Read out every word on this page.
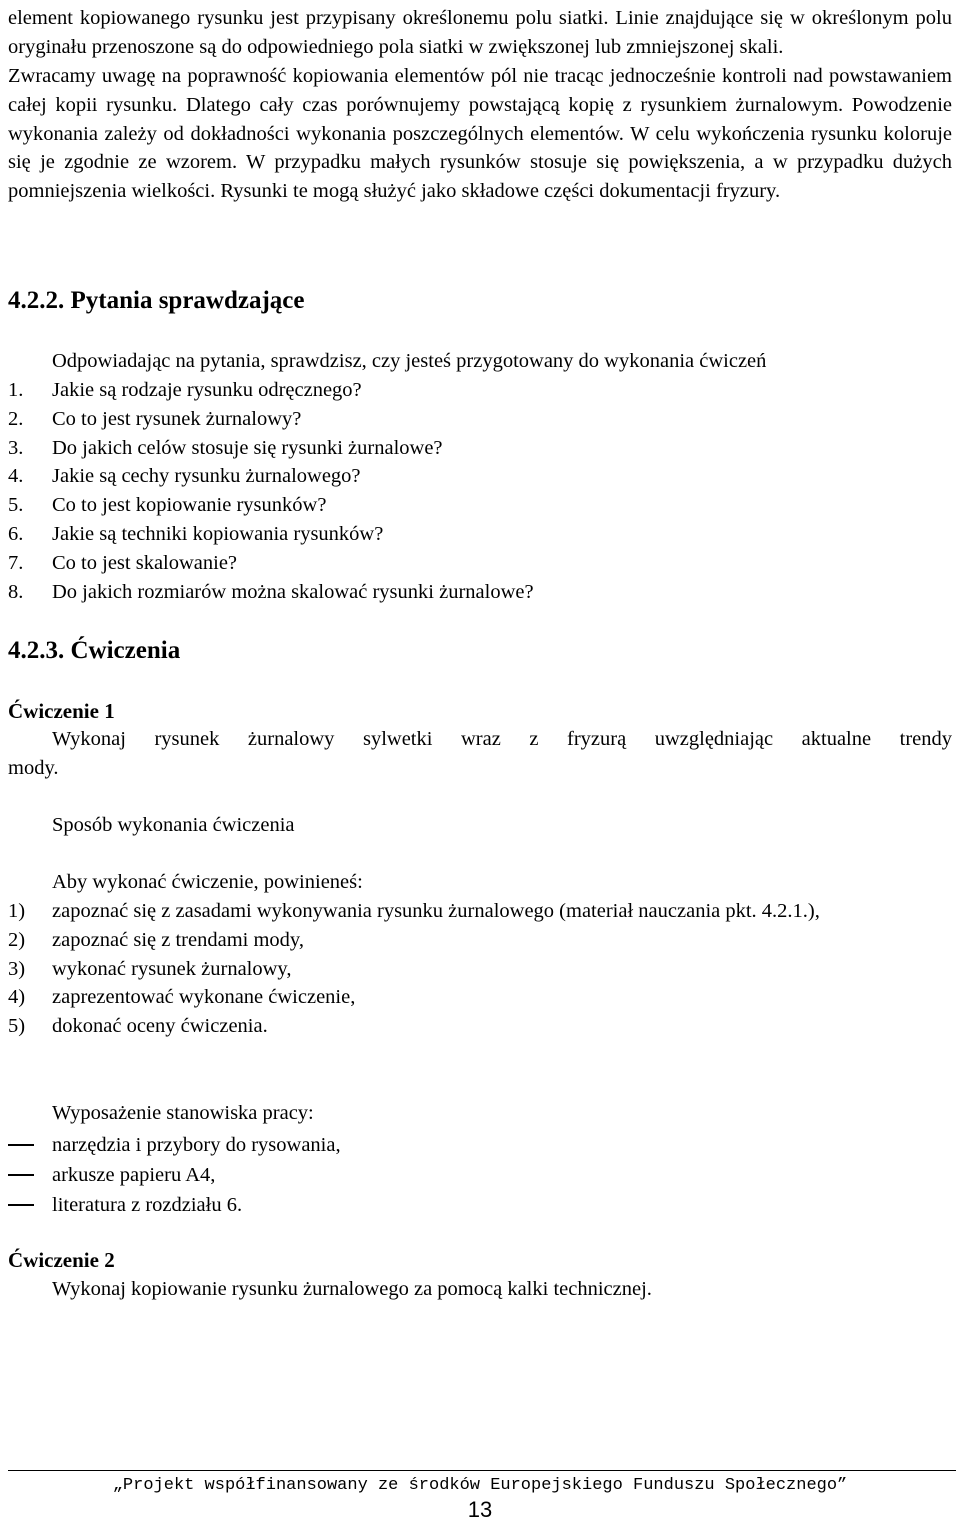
element kopiowanego rysunku jest przypisany określonemu polu siatki. Linie znajdujące się w określonym polu oryginału przenoszone są do odpowiedniego pola siatki w zwiększonej lub zmniejszonej skali.

Zwracamy uwagę na poprawność kopiowania elementów pól nie tracąc jednocześnie kontroli nad powstawaniem całej kopii rysunku. Dlatego cały czas porównujemy powstającą kopię z rysunkiem żurnalowym. Powodzenie wykonania zależy od dokładności wykonania poszczególnych elementów. W celu wykończenia rysunku koloruje się je zgodnie ze wzorem. W przypadku małych rysunków stosuje się powiększenia, a w przypadku dużych pomniejszenia wielkości. Rysunki te mogą służyć jako składowe części dokumentacji fryzury.

4.2.2. Pytania sprawdzające

Odpowiadając na pytania, sprawdzisz, czy jesteś przygotowany do wykonania ćwiczeń

1. Jakie są rodzaje rysunku odręcznego?
2. Co to jest rysunek żurnalowy?
3. Do jakich celów stosuje się rysunki żurnalowe?
4. Jakie są cechy rysunku żurnalowego?
5. Co to jest kopiowanie rysunków?
6. Jakie są techniki kopiowania rysunków?
7. Co to jest skalowanie?
8. Do jakich rozmiarów można skalować rysunki żurnalowe?
4.2.3. Ćwiczenia
Ćwiczenie 1

Wykonaj rysunek żurnalowy sylwetki wraz z fryzurą uwzględniając aktualne trendy

mody.

Sposób wykonania ćwiczenia

Aby wykonać ćwiczenie, powinieneś:

1) zapoznać się z zasadami wykonywania rysunku żurnalowego (materiał nauczania pkt. 4.2.1.),
2) zapoznać się z trendami mody,
3) wykonać rysunek żurnalowy,
4) zaprezentować wykonane ćwiczenie,
5) dokonać oceny ćwiczenia.

Wyposażenie stanowiska pracy:

narzędzia i przybory do rysowania,
arkusze papieru A4,
literatura z rozdziału 6.
Ćwiczenie 2

Wykonaj kopiowanie rysunku żurnalowego za pomocą kalki technicznej.

„Projekt współfinansowany ze środków Europejskiego Funduszu Społecznego”

13
